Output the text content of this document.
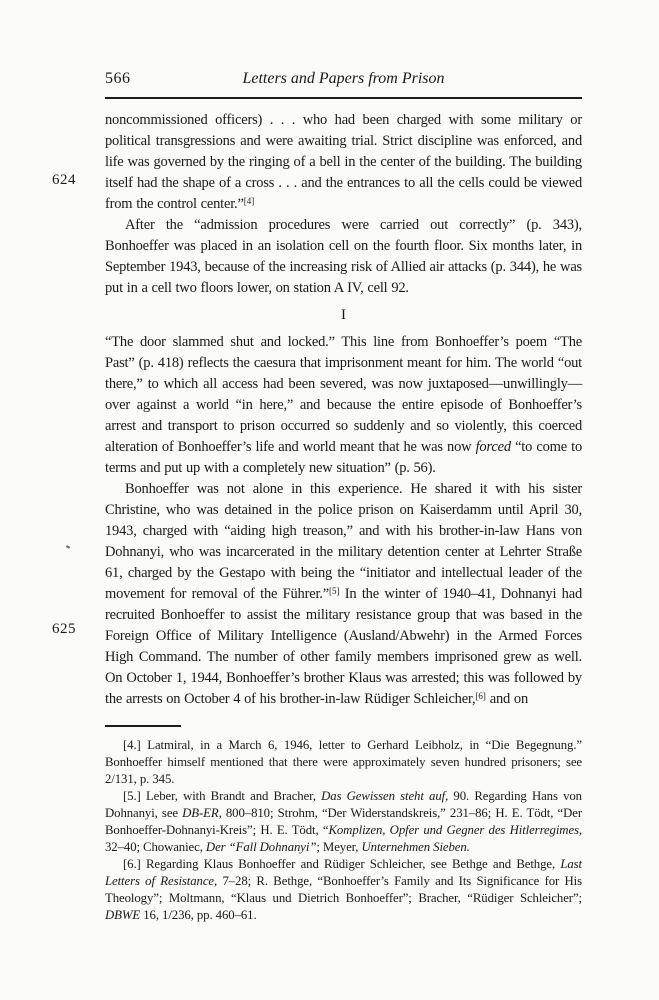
566	Letters and Papers from Prison
624
625

noncommissioned officers) . . . who had been charged with some military or political transgressions and were awaiting trial. Strict discipline was enforced, and life was governed by the ringing of a bell in the center of the building. The building itself had the shape of a cross . . . and the entrances to all the cells could be viewed from the control center.”[4]

After the “admission procedures were carried out correctly” (p. 343), Bonhoeffer was placed in an isolation cell on the fourth floor. Six months later, in September 1943, because of the increasing risk of Allied air attacks (p. 344), he was put in a cell two floors lower, on station A IV, cell 92.

I

“The door slammed shut and locked.” This line from Bonhoeffer’s poem “The Past” (p. 418) reflects the caesura that imprisonment meant for him. The world “out there,” to which all access had been severed, was now juxtaposed—unwillingly—over against a world “in here,” and because the entire episode of Bonhoeffer’s arrest and transport to prison occurred so suddenly and so violently, this coerced alteration of Bonhoeffer’s life and world meant that he was now forced “to come to terms and put up with a completely new situation” (p. 56).

Bonhoeffer was not alone in this experience. He shared it with his sister Christine, who was detained in the police prison on Kaiserdamm until April 30, 1943, charged with “aiding high treason,” and with his brother-in-law Hans von Dohnanyi, who was incarcerated in the military detention center at Lehrter Straße 61, charged by the Gestapo with being the “initiator and intellectual leader of the movement for removal of the Führer.”[5] In the winter of 1940–41, Dohnanyi had recruited Bonhoeffer to assist the military resistance group that was based in the Foreign Office of Military Intelligence (Ausland/Abwehr) in the Armed Forces High Command. The number of other family members imprisoned grew as well. On October 1, 1944, Bonhoeffer’s brother Klaus was arrested; this was followed by the arrests on October 4 of his brother-in-law Rüdiger Schleicher,[6] and on

[4.] Latmiral, in a March 6, 1946, letter to Gerhard Leibholz, in “Die Begegnung.” Bonhoeffer himself mentioned that there were approximately seven hundred prisoners; see 2/131, p. 345.

[5.] Leber, with Brandt and Bracher, Das Gewissen steht auf, 90. Regarding Hans von Dohnanyi, see DB-ER, 800–810; Strohm, “Der Widerstandskreis,” 231–86; H. E. Tödt, “Der Bonhoeffer-Dohnanyi-Kreis”; H. E. Tödt, “Komplizen, Opfer und Gegner des Hitlerregimes, 32–40; Chowaniec, Der “Fall Dohnanyi”; Meyer, Unternehmen Sieben.

[6.] Regarding Klaus Bonhoeffer and Rüdiger Schleicher, see Bethge and Bethge, Last Letters of Resistance, 7–28; R. Bethge, “Bonhoeffer’s Family and Its Significance for His Theology”; Moltmann, “Klaus und Dietrich Bonhoeffer”; Bracher, “Rüdiger Schleicher”; DBWE 16, 1/236, pp. 460–61.
